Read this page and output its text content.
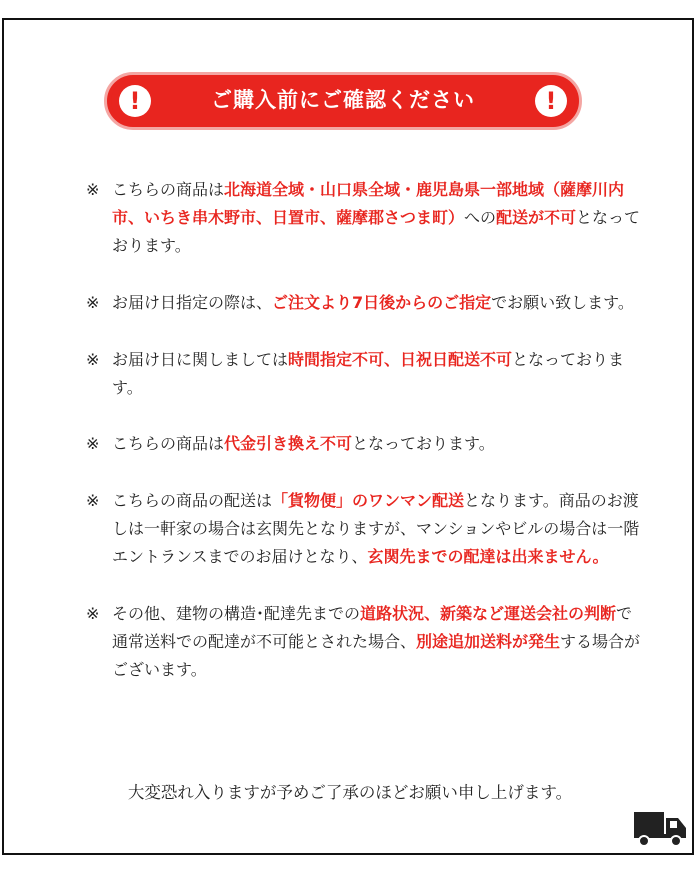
!	ご購入前にご確認ください	!
※ こちらの商品は北海道全域・山口県全域・鹿児島県一部地域（薩摩川内市、いちき串木野市、日置市、薩摩郡さつま町）への配送が不可となっております。
※ お届け日指定の際は、ご注文より7日後からのご指定でお願い致します。
※ お届け日に関しましては時間指定不可、日祝日配送不可となっております。
※ こちらの商品は代金引き換え不可となっております。
※ こちらの商品の配送は「貨物便」のワンマン配送となります。商品のお渡しは一軒家の場合は玄関先となりますが、マンションやビルの場合は一階エントランスまでのお届けとなり、玄関先までの配達は出来ません。
※ その他、建物の構造･配達先までの道路状況、新築など運送会社の判断で通常送料での配達が不可能とされた場合、別途追加送料が発生する場合がございます。
大変恐れ入りますが予めご了承のほどお願い申し上げます。
